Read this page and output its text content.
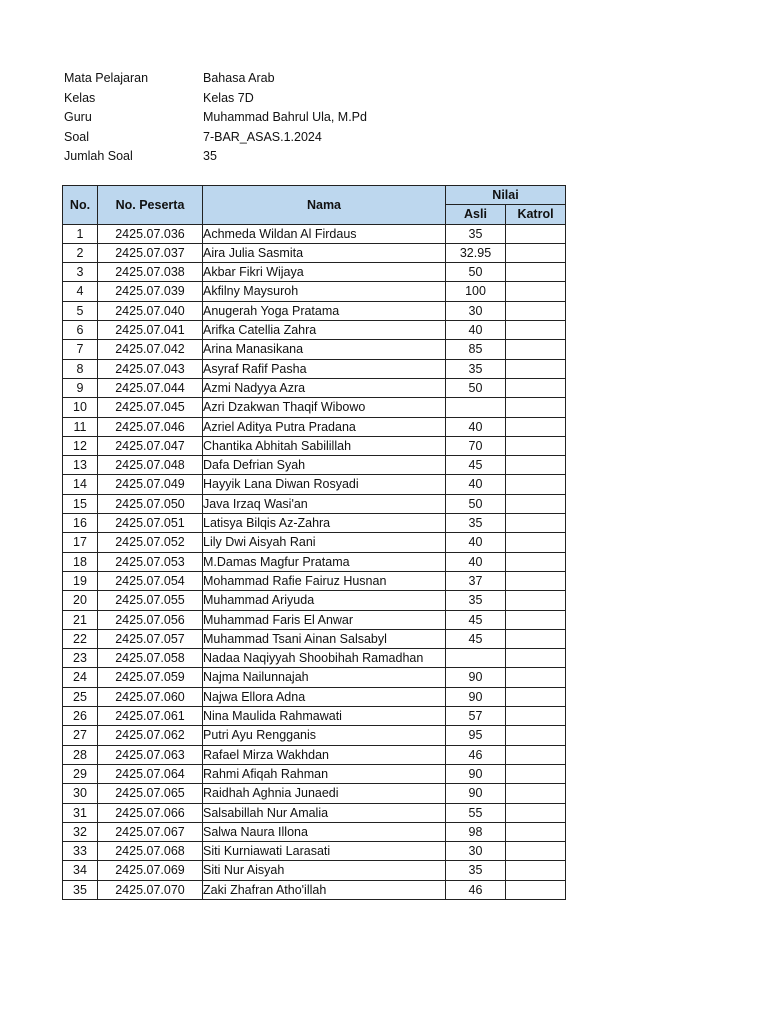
Mata Pelajaran	Bahasa Arab
Kelas	Kelas 7D
Guru	Muhammad Bahrul Ula, M.Pd
Soal	7-BAR_ASAS.1.2024
Jumlah Soal	35
No.	No. Peserta	Nama	Nilai	
			Asli	Katrol
1	2425.07.036	Achmeda Wildan Al Firdaus	35	
2	2425.07.037	Aira Julia Sasmita	32.95	
3	2425.07.038	Akbar Fikri Wijaya	50	
4	2425.07.039	Akfilny Maysuroh	100	
5	2425.07.040	Anugerah Yoga Pratama	30	
6	2425.07.041	Arifka Catellia Zahra	40	
7	2425.07.042	Arina Manasikana	85	
8	2425.07.043	Asyraf Rafif Pasha	35	
9	2425.07.044	Azmi Nadyya Azra	50	
10	2425.07.045	Azri Dzakwan Thaqif Wibowo		
11	2425.07.046	Azriel Aditya Putra Pradana	40	
12	2425.07.047	Chantika Abhitah Sabilillah	70	
13	2425.07.048	Dafa Defrian Syah	45	
14	2425.07.049	Hayyik Lana Diwan Rosyadi	40	
15	2425.07.050	Java Irzaq Wasi'an	50	
16	2425.07.051	Latisya Bilqis Az-Zahra	35	
17	2425.07.052	Lily Dwi Aisyah Rani	40	
18	2425.07.053	M.Damas Magfur Pratama	40	
19	2425.07.054	Mohammad Rafie Fairuz Husnan	37	
20	2425.07.055	Muhammad Ariyuda	35	
21	2425.07.056	Muhammad Faris El Anwar	45	
22	2425.07.057	Muhammad Tsani Ainan Salsabyl	45	
23	2425.07.058	Nadaa Naqiyyah Shoobihah Ramadhan		
24	2425.07.059	Najma Nailunnajah	90	
25	2425.07.060	Najwa Ellora Adna	90	
26	2425.07.061	Nina Maulida Rahmawati	57	
27	2425.07.062	Putri Ayu Rengganis	95	
28	2425.07.063	Rafael Mirza Wakhdan	46	
29	2425.07.064	Rahmi Afiqah Rahman	90	
30	2425.07.065	Raidhah Aghnia Junaedi	90	
31	2425.07.066	Salsabillah Nur Amalia	55	
32	2425.07.067	Salwa Naura Illona	98	
33	2425.07.068	Siti Kurniawati Larasati	30	
34	2425.07.069	Siti Nur Aisyah	35	
35	2425.07.070	Zaki Zhafran Atho'illah	46	
